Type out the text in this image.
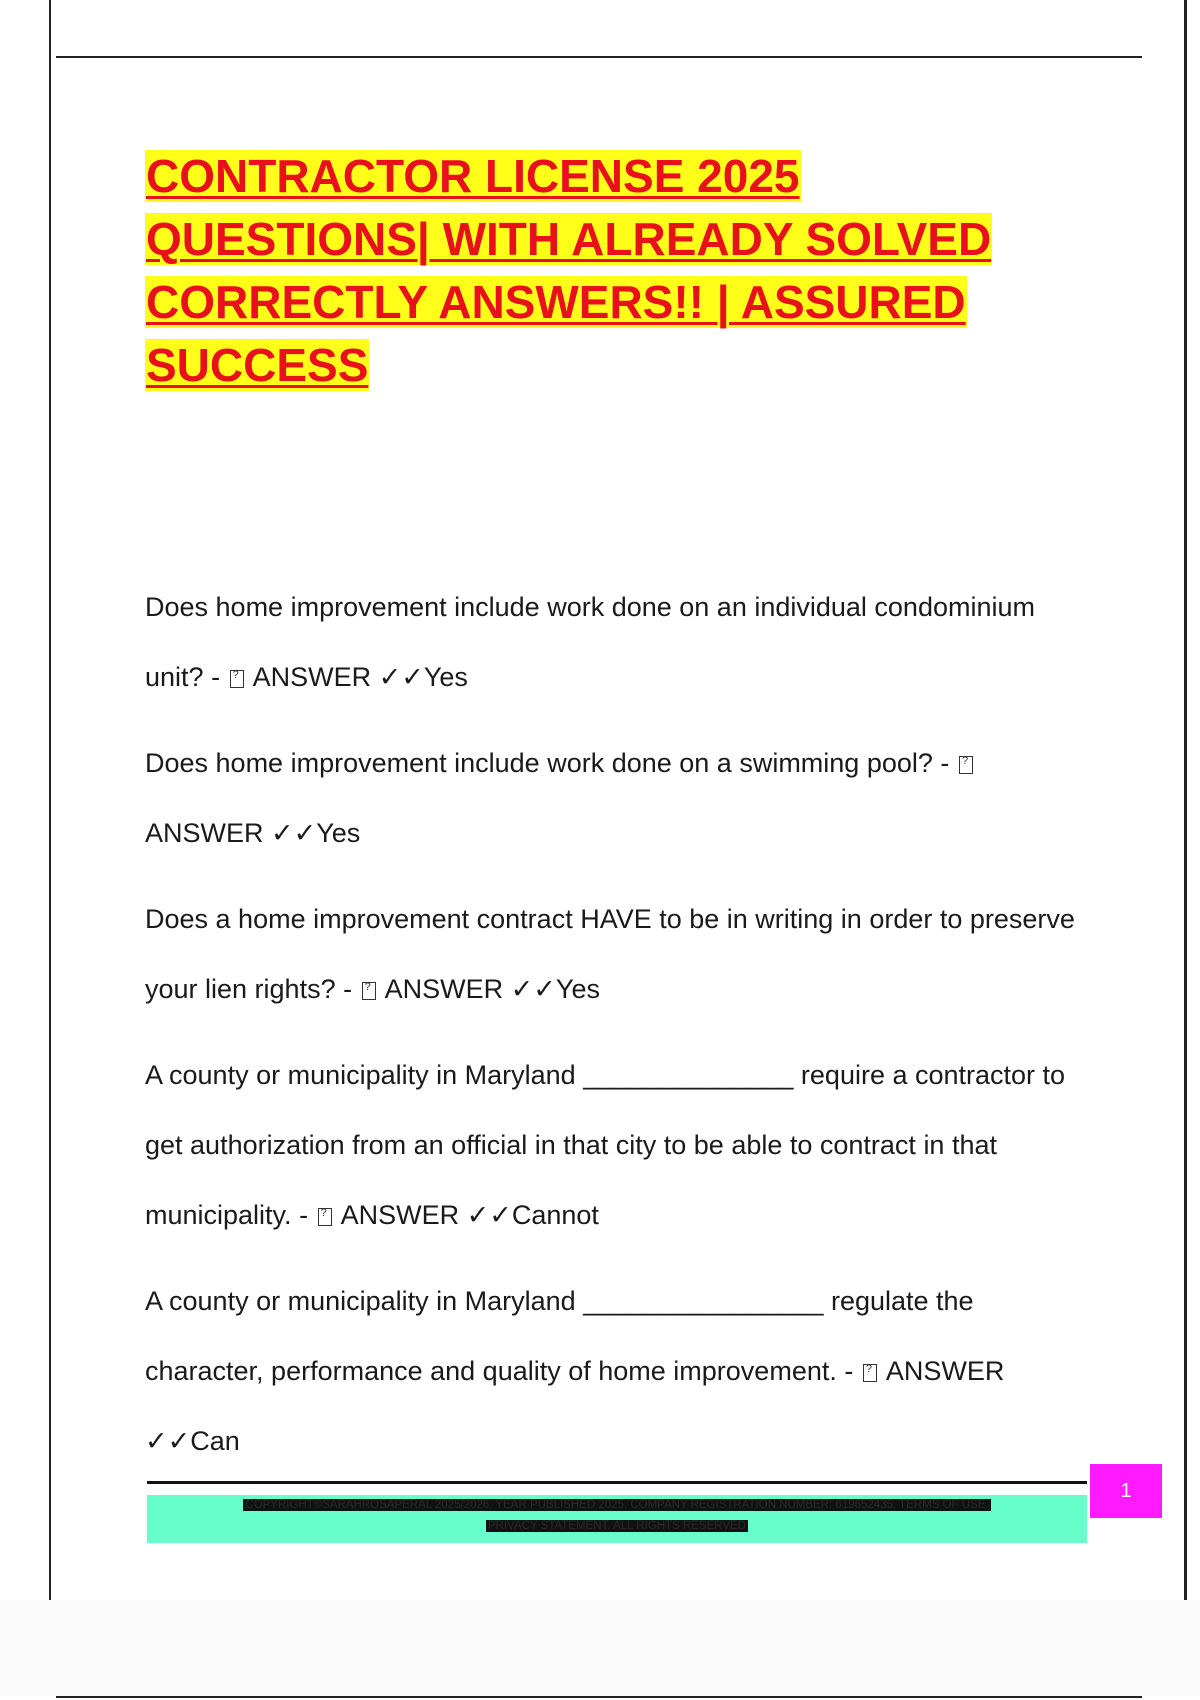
CONTRACTOR LICENSE 2025 QUESTIONS| WITH ALREADY SOLVED CORRECTLY ANSWERS!! | ASSURED SUCCESS

Does home improvement include work done on an individual condominium unit? - ? ANSWER ✓✓Yes

Does home improvement include work done on a swimming pool? - ? ANSWER ✓✓Yes

Does a home improvement contract HAVE to be in writing in order to preserve your lien rights? - ? ANSWER ✓✓Yes

A county or municipality in Maryland ______________ require a contractor to get authorization from an official in that city to be able to contract in that municipality. - ? ANSWER ✓✓Cannot

A county or municipality in Maryland ________________ regulate the character, performance and quality of home improvement. - ? ANSWER ✓✓Can

COPYRIGHT©SARAHROSAPERAL 2025/2026. YEAR PUBLISHED 2025. COMPANY REGISTRATION NUMBER: 619652435. TERMS OF USE.
PRIVACY STATEMENT. ALL RIGHTS RESERVED
1
